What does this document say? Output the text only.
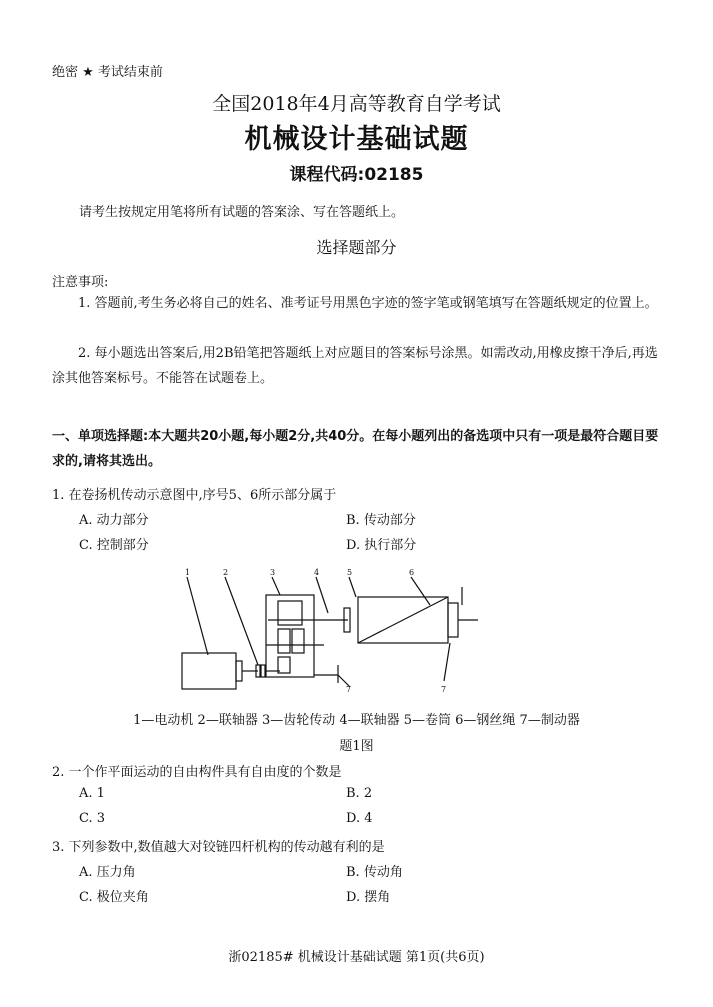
绝密 ★ 考试结束前
全国2018年4月高等教育自学考试
机械设计基础试题
课程代码:02185
请考生按规定用笔将所有试题的答案涂、写在答题纸上。
选择题部分
注意事项:
1. 答题前,考生务必将自己的姓名、准考证号用黑色字迹的签字笔或钢笔填写在答题纸规定的位置上。
2. 每小题选出答案后,用2B铅笔把答题纸上对应题目的答案标号涂黑。如需改动,用橡皮擦干净后,再选涂其他答案标号。不能答在试题卷上。
一、单项选择题:本大题共20小题,每小题2分,共40分。在每小题列出的备选项中只有一项是最符合题目要求的,请将其选出。
1. 在卷扬机传动示意图中,序号5、6所示部分属于
A. 动力部分	B. 传动部分
C. 控制部分	D. 执行部分
1	2	3	4	5	6
7	7
1—电动机 2—联轴器 3—齿轮传动 4—联轴器 5—卷筒 6—钢丝绳 7—制动器
题1图
2. 一个作平面运动的自由构件具有自由度的个数是
A. 1	B. 2
C. 3	D. 4
3. 下列参数中,数值越大对铰链四杆机构的传动越有利的是
A. 压力角	B. 传动角
C. 极位夹角	D. 摆角
浙02185# 机械设计基础试题 第1页(共6页)
